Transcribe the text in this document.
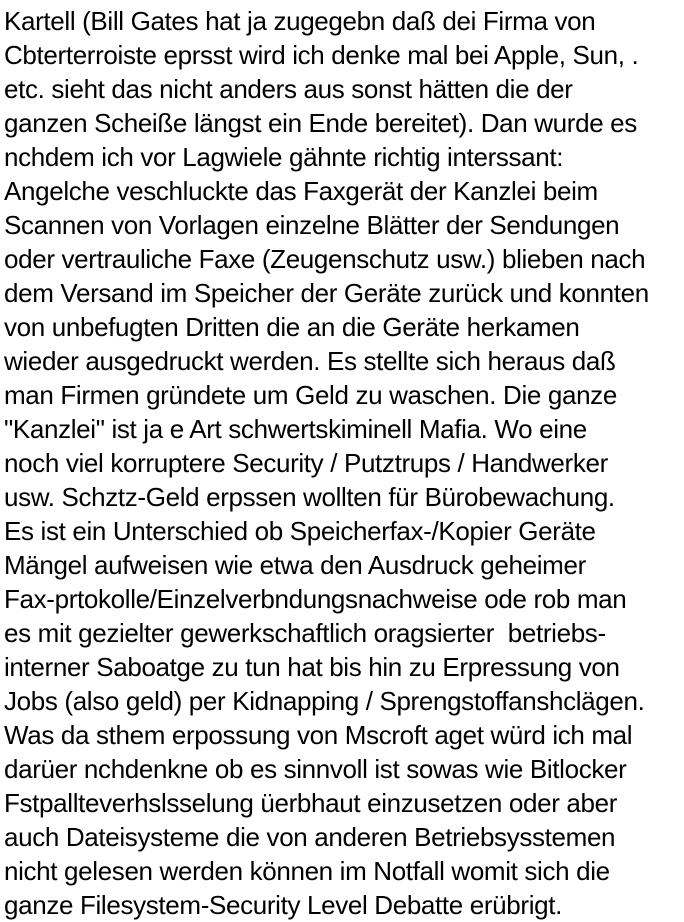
Kartell (Bill Gates hat ja zugegebn daß dei Firma von
Cbterterroiste eprsst wird ich denke mal bei Apple, Sun, .
etc. sieht das nicht anders aus sonst hätten die der
ganzen Scheiße längst ein Ende bereitet). Dan wurde es
nchdem ich vor Lagwiele gähnte richtig interssant:
Angelche veschluckte das Faxgerät der Kanzlei beim
Scannen von Vorlagen einzelne Blätter der Sendungen
oder vertrauliche Faxe (Zeugenschutz usw.) blieben nach
dem Versand im Speicher der Geräte zurück und konnten
von unbefugten Dritten die an die Geräte herkamen
wieder ausgedruckt werden. Es stellte sich heraus daß
man Firmen gründete um Geld zu waschen. Die ganze
"Kanzlei" ist ja e Art schwertskiminell Mafia. Wo eine
noch viel korruptere Security / Putztrups / Handwerker
usw. Schztz-Geld erpssen wollten für Bürobewachung.
Es ist ein Unterschied ob Speicherfax-/Kopier Geräte
Mängel aufweisen wie etwa den Ausdruck geheimer
Fax-prtokolle/Einzelverbndungsnachweise ode rob man
es mit gezielter gewerkschaftlich oragsierter  betriebs-
interner Saboatge zu tun hat bis hin zu Erpressung von
Jobs (also geld) per Kidnapping / Sprengstoffanshclägen.
Was da sthem erpossung von Mscroft aget würd ich mal
darüer nchdenkne ob es sinnvoll ist sowas wie Bitlocker
Fstpallteverhslsselung üerbhaut einzusetzen oder aber
auch Dateisysteme die von anderen Betriebsysstemen
nicht gelesen werden können im Notfall womit sich die
ganze Filesystem-Security Level Debatte erübrigt.
